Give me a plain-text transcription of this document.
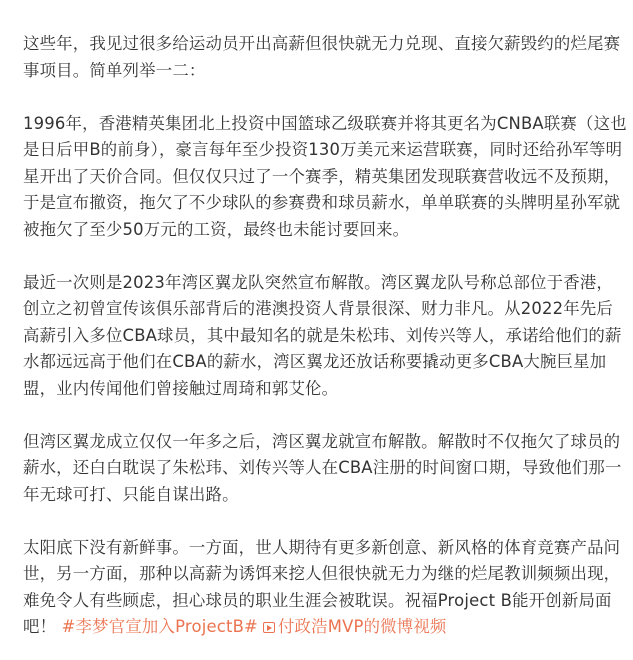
这些年，我见过很多给运动员开出高薪但很快就无力兑现、直接欠薪毁约的烂尾赛事项目。简单列举一二：

1996年，香港精英集团北上投资中国篮球乙级联赛并将其更名为CNBA联赛（这也是日后甲B的前身），豪言每年至少投资130万美元来运营联赛，同时还给孙军等明星开出了天价合同。但仅仅只过了一个赛季，精英集团发现联赛营收远不及预期，于是宣布撤资，拖欠了不少球队的参赛费和球员薪水，单单联赛的头牌明星孙军就被拖欠了至少50万元的工资，最终也未能讨要回来。

最近一次则是2023年湾区翼龙队突然宣布解散。湾区翼龙队号称总部位于香港，创立之初曾宣传该俱乐部背后的港澳投资人背景很深、财力非凡。从2022年先后高薪引入多位CBA球员，其中最知名的就是朱松玮、刘传兴等人，承诺给他们的薪水都远远高于他们在CBA的薪水，湾区翼龙还放话称要撬动更多CBA大腕巨星加盟，业内传闻他们曾接触过周琦和郭艾伦。

但湾区翼龙成立仅仅一年多之后，湾区翼龙就宣布解散。解散时不仅拖欠了球员的薪水，还白白耽误了朱松玮、刘传兴等人在CBA注册的时间窗口期，导致他们那一年无球可打、只能自谋出路。

太阳底下没有新鲜事。一方面，世人期待有更多新创意、新风格的体育竞赛产品问世，另一方面，那种以高薪为诱饵来挖人但很快就无力为继的烂尾教训频频出现，难免令人有些顾虑，担心球员的职业生涯会被耽误。祝福Project B能开创新局面吧！ #李梦官宣加入ProjectB# 付政浩MVP的微博视频
